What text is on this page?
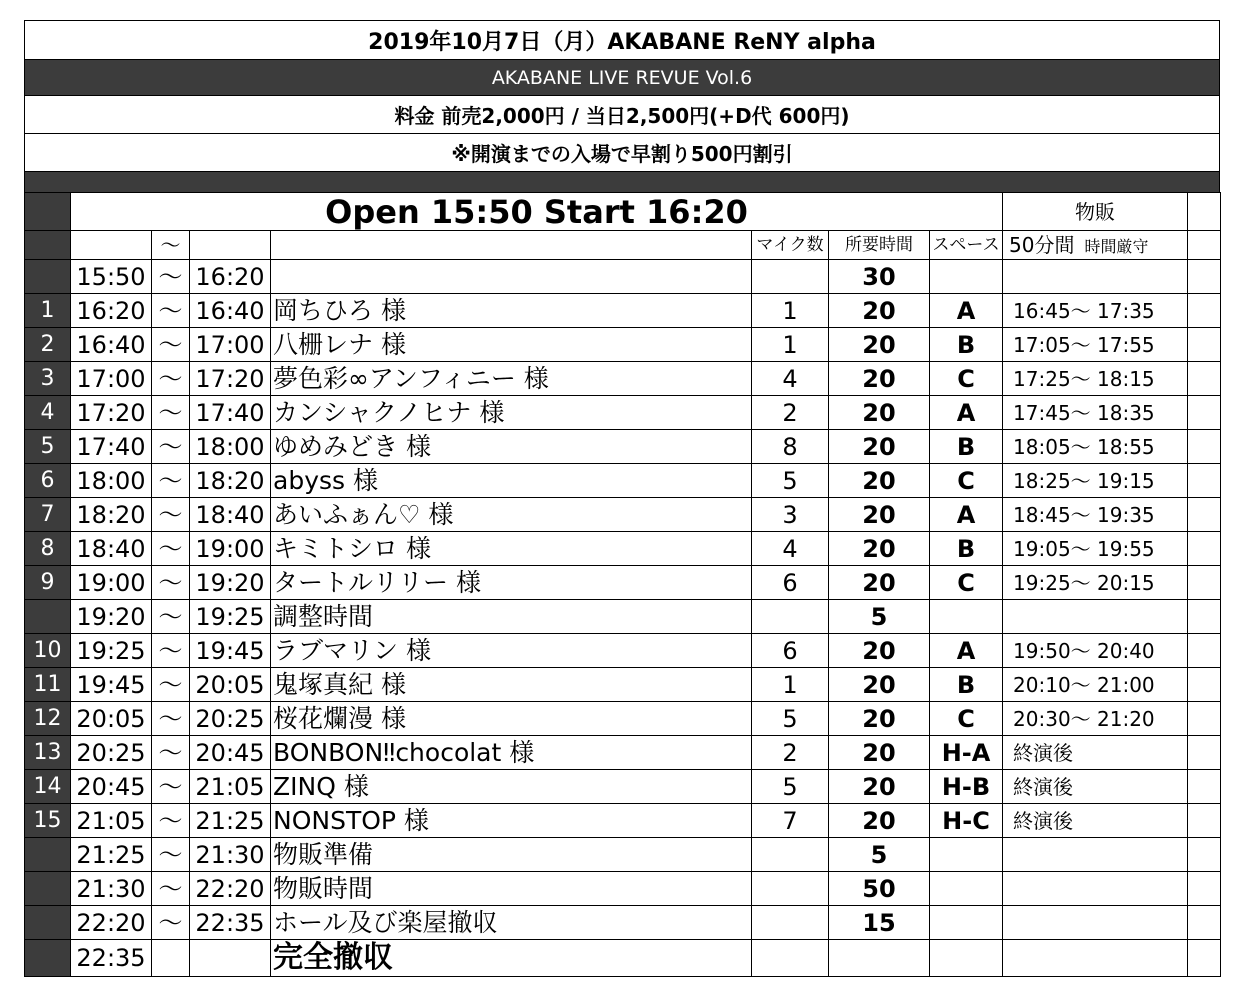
2019年10月7日（月）AKABANE ReNY alpha
AKABANE LIVE REVUE Vol.6
料金 前売2,000円 / 当日2,500円(+D代 600円)
※開演までの入場で早割り500円割引
	Open 15:50 Start 16:20							物販	
		〜			マイク数	所要時間	スペース	50分間 時間厳守	
	15:50	〜	16:20			30			
1	16:20	〜	16:40	岡ちひろ 様	1	20	A	16:45〜 17:35	
2	16:40	〜	17:00	八栅レナ 様	1	20	B	17:05〜 17:55	
3	17:00	〜	17:20	夢色彩∞アンフィニー 様	4	20	C	17:25〜 18:15	
4	17:20	〜	17:40	カンシャクノヒナ 様	2	20	A	17:45〜 18:35	
5	17:40	〜	18:00	ゆめみどき 様	8	20	B	18:05〜 18:55	
6	18:00	〜	18:20	abyss 様	5	20	C	18:25〜 19:15	
7	18:20	〜	18:40	あいふぁん♡ 様	3	20	A	18:45〜 19:35	
8	18:40	〜	19:00	キミトシロ 様	4	20	B	19:05〜 19:55	
9	19:00	〜	19:20	タートルリリー 様	6	20	C	19:25〜 20:15	
	19:20	〜	19:25	調整時間		5			
10	19:25	〜	19:45	ラブマリン 様	6	20	A	19:50〜 20:40	
11	19:45	〜	20:05	鬼塚真紀 様	1	20	B	20:10〜 21:00	
12	20:05	〜	20:25	桜花爛漫 様	5	20	C	20:30〜 21:20	
13	20:25	〜	20:45	BONBON‼chocolat 様	2	20	H-A	終演後	
14	20:45	〜	21:05	ZINQ 様	5	20	H-B	終演後	
15	21:05	〜	21:25	NONSTOP 様	7	20	H-C	終演後	
	21:25	〜	21:30	物販準備		5			
	21:30	〜	22:20	物販時間		50			
	22:20	〜	22:35	ホール及び楽屋撤収		15			
	22:35			完全撤収					
